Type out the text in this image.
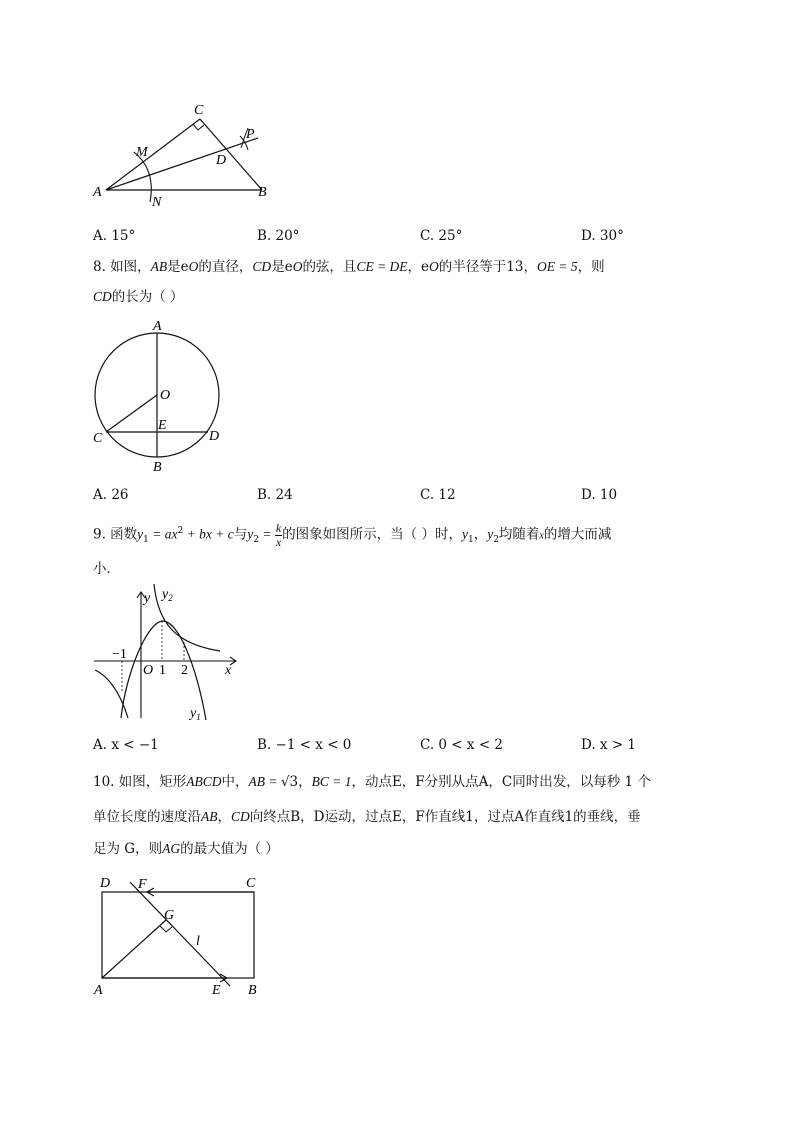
C
M
P
D
A
N
B
A. 15°	B. 20°	C. 25°	D. 30°
8. 如图，AB是eO的直径，CD是eO的弦，且CE = DE，eO的半径等于13，OE = 5，则
CD的长为（ ）
A
O
E
C	D
B
A. 26	B. 24	C. 12	D. 10
9. 函数$y_1 = ax^2$ + bx + c与$y_2 = \frac{k}{x}$ 的图象如图所示，当（ ）时，$y_1$，$y_2$均随着x的增大而减
小．
y $y_2$
−1
O 1 2	x
$y_1$
A. x < −1	B. −1 < x < 0	C. 0 < x < 2	D. x > 1
10. 如图，矩形ABCD中，AB = √3，BC = 1，动点E，F分别从点A，C同时出发，以每秒 1 个
单位长度的速度沿AB，CD向终点B，D运动，过点E，F作直线1，过点A作直线1的垂线，垂
足为 G，则AG的最大值为（ ）
D F	C
G
l
A	E B
